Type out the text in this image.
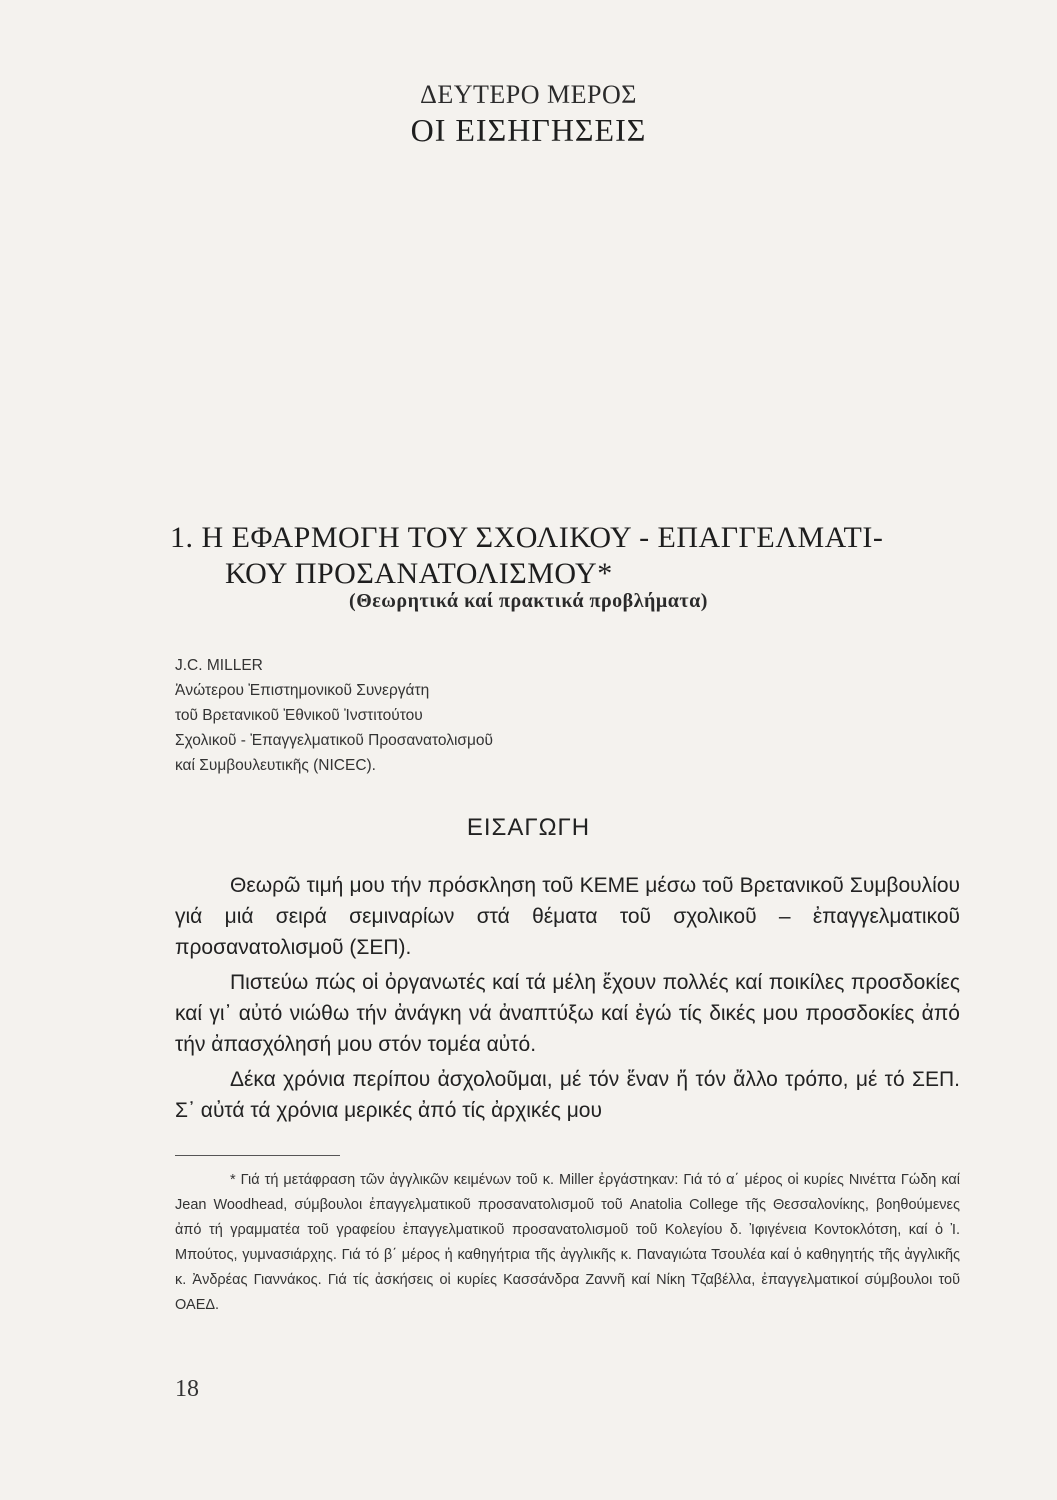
ΔΕΥΤΕΡΟ ΜΕΡΟΣ
ΟΙ ΕΙΣΗΓΗΣΕΙΣ
1. Η ΕΦΑΡΜΟΓΗ ΤΟΥ ΣΧΟΛΙΚΟΥ - ΕΠΑΓΓΕΛΜΑΤΙ-
ΚΟΥ ΠΡΟΣΑΝΑΤΟΛΙΣΜΟΥ*
(Θεωρητικά καί πρακτικά προβλήματα)
J.C. MILLER
Ἀνώτερου Ἐπιστημονικοῦ Συνεργάτη
τοῦ Βρετανικοῦ Ἐθνικοῦ Ἰνστιτούτου
Σχολικοῦ - Ἐπαγγελματικοῦ Προσανατολισμοῦ
καί Συμβουλευτικῆς (NICEC).
ΕΙΣΑΓΩΓΗ

Θεωρῶ τιμή μου τήν πρόσκληση τοῦ ΚΕΜΕ μέσω τοῦ Βρετανικοῦ Συμβουλίου γιά μιά σειρά σεμιναρίων στά θέματα τοῦ σχολικοῦ – ἐπαγγελματικοῦ προσανατολισμοῦ (ΣΕΠ).

Πιστεύω πώς οἱ ὀργανωτές καί τά μέλη ἔχουν πολλές καί ποικίλες προσδοκίες καί γι᾽ αὐτό νιώθω τήν ἀνάγκη νά ἀναπτύξω καί ἐγώ τίς δικές μου προσδοκίες ἀπό τήν ἀπασχόλησή μου στόν τομέα αὐτό.

Δέκα χρόνια περίπου ἀσχολοῦμαι, μέ τόν ἕναν ἤ τόν ἄλλο τρόπο, μέ τό ΣΕΠ. Σ᾽ αὐτά τά χρόνια μερικές ἀπό τίς ἀρχικές μου

* Γιά τή μετάφραση τῶν ἀγγλικῶν κειμένων τοῦ κ. Miller ἐργάστηκαν: Γιά τό α΄ μέρος οἱ κυρίες Νινέττα Γώδη καί Jean Woodhead, σύμβουλοι ἐπαγγελματικοῦ προσανατολισμοῦ τοῦ Anatolia College τῆς Θεσσαλονίκης, βοηθούμενες ἀπό τή γραμματέα τοῦ γραφείου ἐπαγγελματικοῦ προσανατολισμοῦ τοῦ Κολεγίου δ. Ἰφιγένεια Κοντοκλότση, καί ὁ Ἰ. Μπούτος, γυμνασιάρχης. Γιά τό β΄ μέρος ἡ καθηγήτρια τῆς ἀγγλικῆς κ. Παναγιώτα Τσουλέα καί ὁ καθηγητής τῆς ἀγγλικῆς κ. Ἀνδρέας Γιαννάκος. Γιά τίς ἀσκήσεις οἱ κυρίες Κασσάνδρα Ζαννῆ καί Νίκη Τζαβέλλα, ἐπαγγελματικοί σύμβουλοι τοῦ ΟΑΕΔ.

18
